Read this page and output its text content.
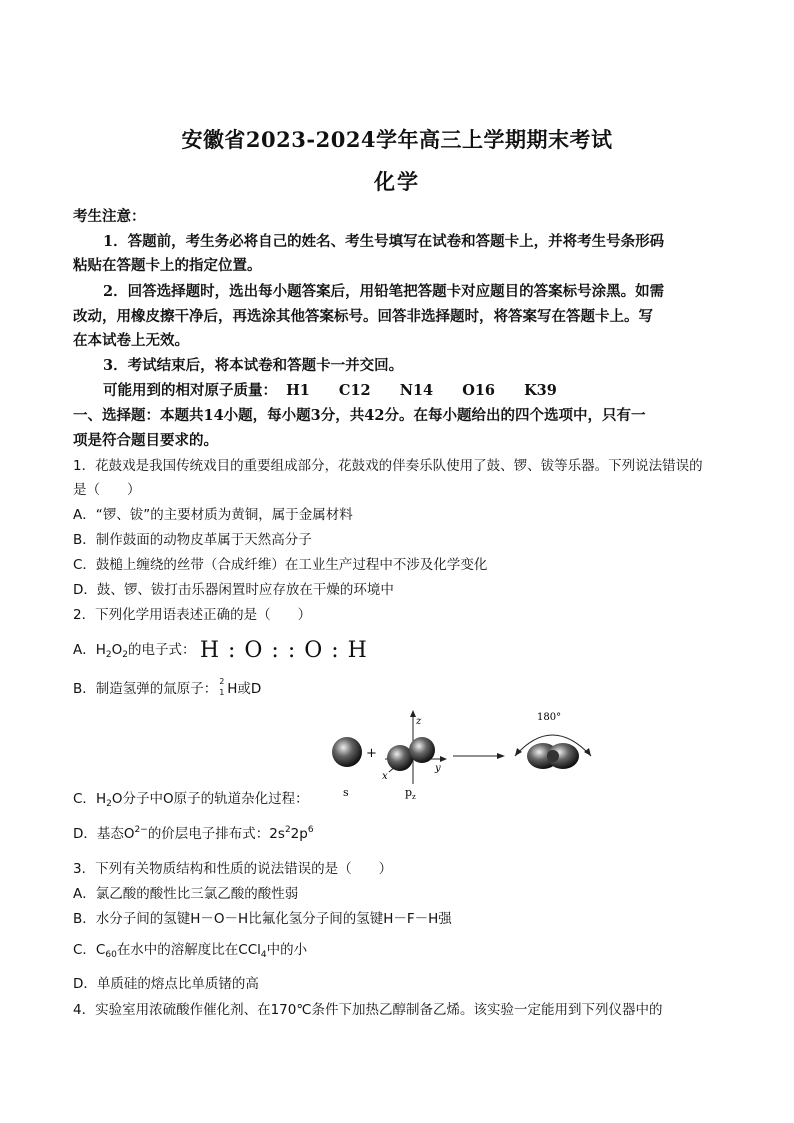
安徽省2023-2024学年高三上学期期末考试
化学
考生注意：
1．答题前，考生务必将自己的姓名、考生号填写在试卷和答题卡上，并将考生号条形码
粘贴在答题卡上的指定位置。
2．回答选择题时，选出每小题答案后，用铅笔把答题卡对应题目的答案标号涂黑。如需
改动，用橡皮擦干净后，再选涂其他答案标号。回答非选择题时，将答案写在答题卡上。写
在本试卷上无效。
3．考试结束后，将本试卷和答题卡一并交回。
可能用到的相对原子质量： H1 C12 N14 O16 K39
一、选择题：本题共14小题，每小题3分，共42分。在每小题给出的四个选项中，只有一
项是符合题目要求的。
1．花鼓戏是我国传统戏目的重要组成部分，花鼓戏的伴奏乐队使用了鼓、锣、钹等乐器。下列说法错误的
是（　　）
A．“锣、钹”的主要材质为黄铜，属于金属材料
B．制作鼓面的动物皮革属于天然高分子
C．鼓槌上缠绕的丝带（合成纤维）在工业生产过程中不涉及化学变化
D．鼓、锣、钹打击乐器闲置时应存放在干燥的环境中
2．下列化学用语表述正确的是（　　）
A．$H_2O_2$的电子式： H : O : : O : H
B．制造氢弹的氚原子： 2
1 H或D
s
+
z
y
x
$p_z$
180°
C．$H_2O$分子中O原子的轨道杂化过程：
D．基态$O^{2-}$的价层电子排布式：$2s^22p^6$
3．下列有关物质结构和性质的说法错误的是（　　）
A．氯乙酸的酸性比三氯乙酸的酸性弱
B．水分子间的氢键H－O－H比氟化氢分子间的氢键H－F－H强
C．$C_{60}$在水中的溶解度比在CCl$_4$中的小
D．单质硅的熔点比单质锗的高
4．实验室用浓硫酸作催化剂、在170℃条件下加热乙醇制备乙烯。该实验一定能用到下列仪器中的
